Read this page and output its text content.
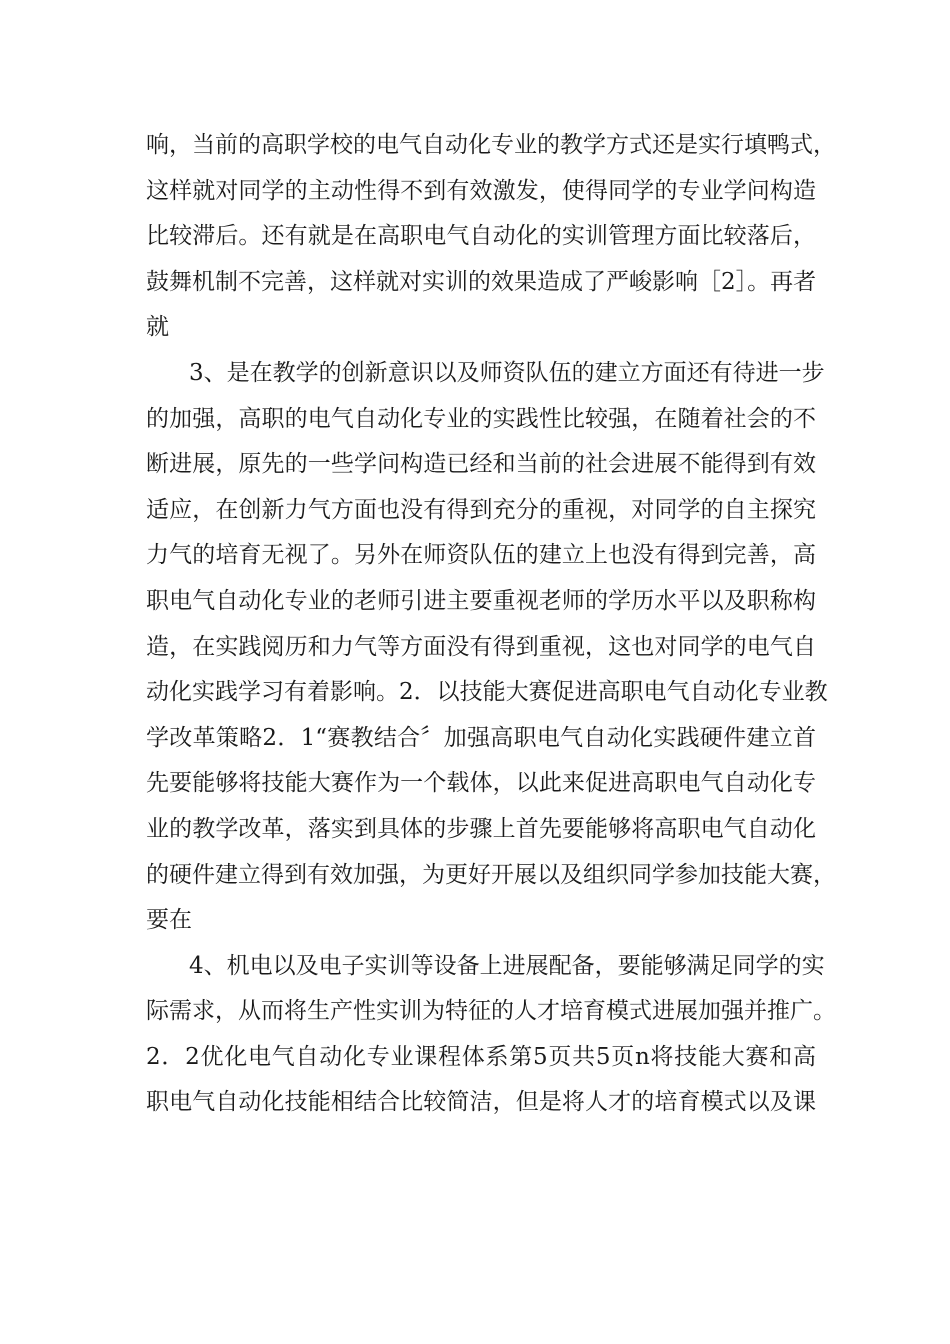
响，当前的高职学校的电气自动化专业的教学方式还是实行填鸭式，
这样就对同学的主动性得不到有效激发，使得同学的专业学问构造
比较滞后。还有就是在高职电气自动化的实训管理方面比较落后，
鼓舞机制不完善，这样就对实训的效果造成了严峻影响［2］。再者
就
3、是在教学的创新意识以及师资队伍的建立方面还有待进一步
的加强，高职的电气自动化专业的实践性比较强，在随着社会的不
断进展，原先的一些学问构造已经和当前的社会进展不能得到有效
适应，在创新力气方面也没有得到充分的重视，对同学的自主探究
力气的培育无视了。另外在师资队伍的建立上也没有得到完善，高
职电气自动化专业的老师引进主要重视老师的学历水平以及职称构
造，在实践阅历和力气等方面没有得到重视，这也对同学的电气自
动化实践学习有着影响。2．以技能大赛促进高职电气自动化专业教
学改革策略2．1“赛教结合〞加强高职电气自动化实践硬件建立首
先要能够将技能大赛作为一个载体，以此来促进高职电气自动化专
业的教学改革，落实到具体的步骤上首先要能够将高职电气自动化
的硬件建立得到有效加强，为更好开展以及组织同学参加技能大赛，
要在
4、机电以及电子实训等设备上进展配备，要能够满足同学的实
际需求，从而将生产性实训为特征的人才培育模式进展加强并推广。
2．2优化电气自动化专业课程体系第5页共5页n将技能大赛和高
职电气自动化技能相结合比较简洁，但是将人才的培育模式以及课
